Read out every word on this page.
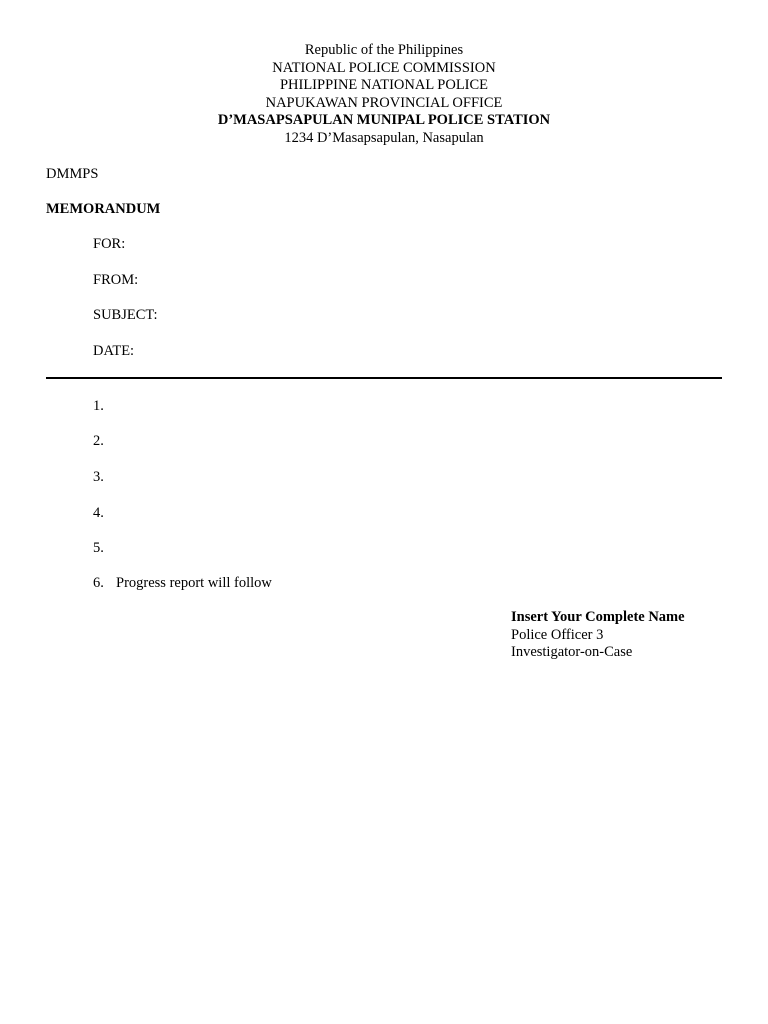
Republic of the Philippines
NATIONAL POLICE COMMISSION
PHILIPPINE NATIONAL POLICE
NAPUKAWAN PROVINCIAL OFFICE
D’MASAPSAPULAN MUNIPAL POLICE STATION
1234 D’Masapsapulan, Nasapulan
DMMPS
MEMORANDUM
FOR:
FROM:
SUBJECT:
DATE:
1.
2.
3.
4.
5.
6. Progress report will follow
Insert Your Complete Name
Police Officer 3
Investigator-on-Case
